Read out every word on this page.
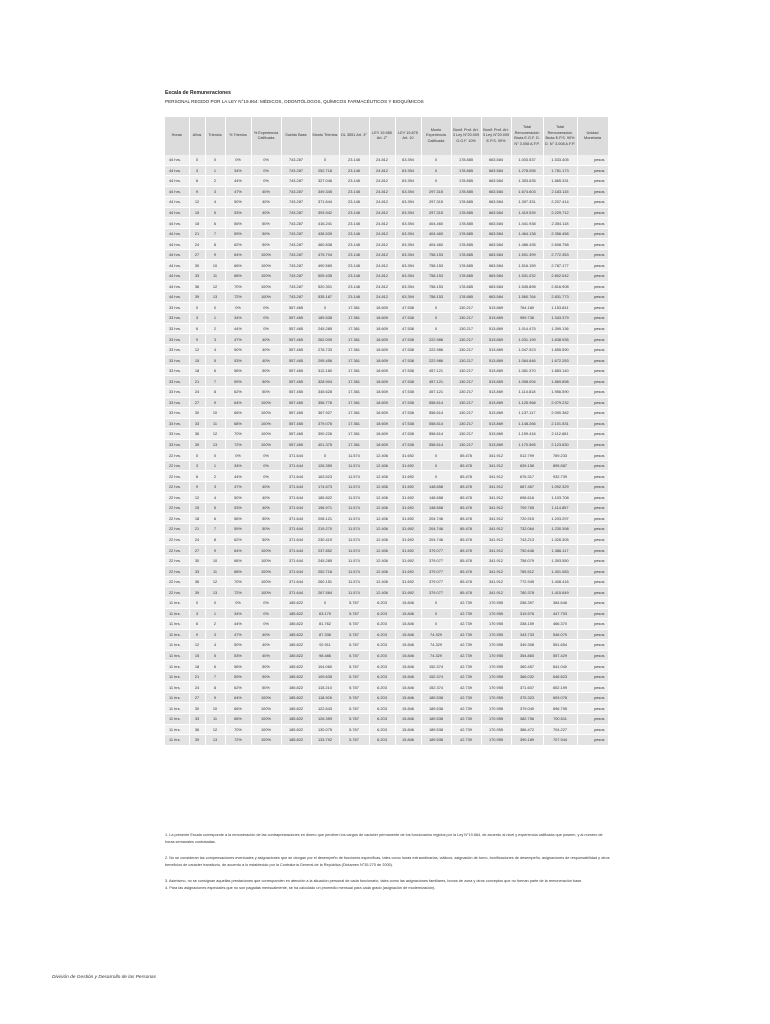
Escala de Remuneraciones
PERSONAL REGIDO POR LA LEY N°19.664: MÉDICOS, ODONTÓLOGOS, QUÍMICOS FARMACÉUTICOS Y BIOQUÍMICOS
Horas	Años	Trienios	% Trienios	% Experiencia Calificada	Sueldo Base	Monto Trienios	DL 3551 Art. 3°	LEY 19.985 Art. 2°	LEY 19.875 Art. 10	Monto Experiencia Calificada	Bonif. Prof. Art. 3 Ley N°20.009 G.G.F. 10%	Bonif. Prof. Art. 3 Ley N°20.009 E.P.S. 90%	Total Remuneración Bruta E.G.F. D. N° 3.008 A.F.P.	Total Remuneración Bruta E.P.S. 90% D. N° 3.008 A.F.P.	Unidad Monetaria
44 hrs.	0	0	0%	0%	743.287	0	23.148	24.812	63.394	0	178.885	663.584	1.003.537	1.533.405	pesos
44 hrs.	3	1	34%	0%	743.287	252.718	23.148	24.812	63.394	0	178.885	663.584	1.278.055	1.781.173	pesos
44 hrs.	6	2	44%	0%	743.287	327.046	23.148	24.812	63.394	0	178.885	663.584	1.353.635	1.865.331	pesos
44 hrs.	9	3	47%	40%	743.287	349.345	23.148	24.812	63.394	297.315	178.885	663.584	1.674.603	2.183.115	pesos
44 hrs.	12	4	50%	40%	743.287	371.644	23.148	24.812	63.394	297.315	178.885	663.584	1.397.331	2.207.414	pesos
44 hrs.	15	5	53%	40%	743.287	393.942	23.148	24.812	63.394	297.315	178.885	663.584	1.419.539	2.229.712	pesos
44 hrs.	18	6	56%	50%	743.287	416.241	23.148	24.812	63.394	404.460	178.885	663.584	1.441.938	2.354.118	pesos
44 hrs.	21	7	59%	50%	743.287	438.539	23.148	24.812	63.394	404.460	178.885	663.584	1.464.138	2.356.458	pesos
44 hrs.	24	8	62%	50%	743.287	460.838	23.148	24.812	63.394	404.460	178.885	663.584	1.486.435	2.608.758	pesos
44 hrs.	27	9	64%	100%	743.287	475.704	23.148	24.812	63.394	758.153	178.885	663.584	1.501.399	2.772.353	pesos
44 hrs.	30	10	66%	100%	743.287	490.569	23.148	24.812	63.394	758.153	178.885	663.584	1.516.159	2.787.177	pesos
44 hrs.	33	11	68%	100%	743.287	505.435	23.148	24.812	63.394	758.153	178.885	663.584	1.531.032	2.802.042	pesos
44 hrs.	36	12	70%	100%	743.287	520.301	23.148	24.812	63.394	758.153	178.885	663.584	1.545.898	2.816.908	pesos
44 hrs.	39	13	72%	100%	743.287	535.167	23.148	24.812	63.394	758.153	178.885	663.584	1.560.764	2.831.773	pesos
33 hrs.	0	0	0%	0%	557.465	0	17.361	18.609	47.538	0	130.217	513.869	764.180	1.153.841	pesos
33 hrs.	3	1	34%	0%	557.465	189.538	17.361	18.609	47.538	0	130.217	513.869	959.738	1.343.379	pesos
33 hrs.	6	2	44%	0%	557.465	245.285	17.361	18.609	47.538	0	130.217	513.869	1.014.475	1.399.136	pesos
33 hrs.	9	3	47%	40%	557.465	262.009	17.361	18.609	47.538	222.986	130.217	513.869	1.031.199	1.638.935	pesos
33 hrs.	12	4	50%	40%	557.465	278.733	17.361	18.609	47.538	222.986	130.217	513.869	1.047.923	1.655.590	pesos
33 hrs.	15	5	53%	40%	557.465	295.456	17.361	18.609	47.538	222.986	130.217	513.869	1.064.646	1.672.283	pesos
33 hrs.	18	6	56%	50%	557.465	312.180	17.361	18.609	47.538	457.121	130.217	513.869	1.081.370	1.883.140	pesos
33 hrs.	21	7	59%	50%	557.465	328.904	17.361	18.609	47.538	457.121	130.217	513.869	1.098.094	1.869.898	pesos
33 hrs.	24	8	62%	50%	557.465	345.628	17.361	18.609	47.538	457.121	130.217	513.869	1.114.818	1.956.590	pesos
33 hrs.	27	9	64%	100%	557.465	356.778	17.361	18.609	47.538	558.614	130.217	513.869	1.125.968	2.079.232	pesos
33 hrs.	30	10	66%	100%	557.465	367.927	17.361	18.609	47.538	558.614	130.217	513.869	1.137.117	2.090.382	pesos
33 hrs.	33	11	68%	100%	557.465	379.076	17.361	18.609	47.538	558.614	130.217	513.869	1.148.266	2.101.531	pesos
33 hrs.	36	12	70%	100%	557.465	390.226	17.361	18.609	47.538	558.614	130.217	513.869	1.159.416	2.112.681	pesos
33 hrs.	39	13	72%	100%	557.465	401.375	17.361	18.609	47.538	558.614	130.217	513.869	1.170.565	2.123.830	pesos
22 hrs.	0	0	0%	0%	371.644	0	11.574	12.406	31.692	0	85.478	341.912	512.799	769.233	pesos
22 hrs.	3	1	34%	0%	371.644	126.359	11.574	12.406	31.692	0	85.478	341.912	639.158	895.587	pesos
22 hrs.	6	2	44%	0%	371.644	163.523	11.574	12.406	31.692	0	85.478	341.912	676.317	932.739	pesos
22 hrs.	9	3	47%	40%	371.644	174.673	11.574	12.406	31.692	148.658	85.478	341.912	687.467	1.092.329	pesos
22 hrs.	12	4	50%	40%	371.644	185.822	11.574	12.406	31.692	148.658	85.478	341.912	698.616	1.103.708	pesos
22 hrs.	15	5	53%	40%	371.644	196.971	11.574	12.406	31.692	148.658	85.478	341.912	709.765	1.114.857	pesos
22 hrs.	18	6	56%	50%	371.644	208.121	11.574	12.406	31.692	204.746	85.478	341.912	720.915	1.203.297	pesos
22 hrs.	21	7	59%	50%	371.644	219.270	11.574	12.406	31.692	204.746	85.478	341.912	732.064	1.230.398	pesos
22 hrs.	24	8	62%	50%	371.644	230.419	11.574	12.406	31.692	204.746	85.478	341.912	743.213	1.326.305	pesos
22 hrs.	27	9	64%	100%	371.644	237.852	11.574	12.406	31.692	379.077	85.478	341.912	750.646	1.386.117	pesos
22 hrs.	30	10	66%	100%	371.644	245.285	11.574	12.406	31.692	379.077	85.478	341.912	758.079	1.393.550	pesos
22 hrs.	33	11	68%	100%	371.644	252.718	11.574	12.406	31.692	379.077	85.478	341.912	765.512	1.401.083	pesos
22 hrs.	36	12	70%	100%	371.644	260.151	11.574	12.406	31.692	379.077	85.478	341.912	772.945	1.408.416	pesos
22 hrs.	39	13	72%	100%	371.644	267.584	11.574	12.406	31.692	379.077	85.478	341.912	780.378	1.415.849	pesos
11 hrs.	0	0	0%	0%	185.822	0	5.787	6.203	15.846	0	42.739	170.955	256.397	384.646	pesos
11 hrs.	3	1	34%	0%	185.822	63.179	5.787	6.203	15.846	0	42.739	170.955	319.576	447.793	pesos
11 hrs.	6	2	44%	0%	185.822	81.762	5.787	6.203	15.846	0	42.739	170.955	338.159	466.370	pesos
11 hrs.	9	3	47%	40%	185.822	87.336	5.787	6.203	15.846	74.329	42.739	170.955	343.733	546.079	pesos
11 hrs.	12	4	50%	40%	185.822	92.911	5.787	6.203	15.846	74.329	42.739	170.955	349.308	551.654	pesos
11 hrs.	15	5	53%	40%	185.822	98.486	5.787	6.203	15.846	74.329	42.739	170.955	354.883	557.429	pesos
11 hrs.	18	6	56%	50%	185.822	104.060	5.787	6.203	15.846	152.374	42.739	170.955	360.457	641.040	pesos
11 hrs.	21	7	59%	50%	185.822	109.635	5.787	6.203	15.846	152.374	42.739	170.955	366.032	646.623	pesos
11 hrs.	24	8	62%	50%	185.822	115.210	5.787	6.203	15.846	152.374	42.739	170.955	371.607	652.199	pesos
11 hrs.	27	9	64%	100%	185.822	118.926	5.787	6.203	15.846	189.538	42.739	170.955	375.323	693.078	pesos
11 hrs.	30	10	66%	100%	185.822	122.643	5.787	6.203	15.846	189.538	42.739	170.955	379.040	696.795	pesos
11 hrs.	33	11	68%	100%	185.822	126.359	5.787	6.203	15.846	189.538	42.739	170.955	382.756	700.511	pesos
11 hrs.	36	12	70%	100%	185.822	130.075	5.787	6.203	15.846	189.538	42.739	170.955	386.472	704.227	pesos
11 hrs.	39	13	72%	100%	185.822	133.792	5.787	6.203	15.846	189.538	42.739	170.955	390.189	707.944	pesos

1. La presente Escala corresponde a la remuneración de las contraprestaciones en dinero que perciben los cargos de carácter permanente de los funcionarios regidos por la Ley N°19.664, de acuerdo al nivel y experiencia calificada que poseen, y al número de horas semanales contratadas.

2. No se consideran las compensaciones eventuales y asignaciones que se otorgan por el desempeño de funciones específicas, tales como horas extraordinarias, viáticos, asignación de turno, bonificaciones de desempeño, asignaciones de responsabilidad y otros beneficios de carácter transitorio, de acuerdo a lo establecido por la Contraloría General de la República (Dictamen N°35.275 de 2005).

3. Asimismo, no se consignan aquellas prestaciones que corresponden en atención a la situación personal de cada funcionario, tales como las asignaciones familiares, bonos de zona y otros conceptos que no forman parte de la remuneración base.

4. Para las asignaciones especiales que no son pagadas mensualmente, se ha calculado un promedio mensual para cada grado (asignación de modernización).

División de Gestión y Desarrollo de las Personas
